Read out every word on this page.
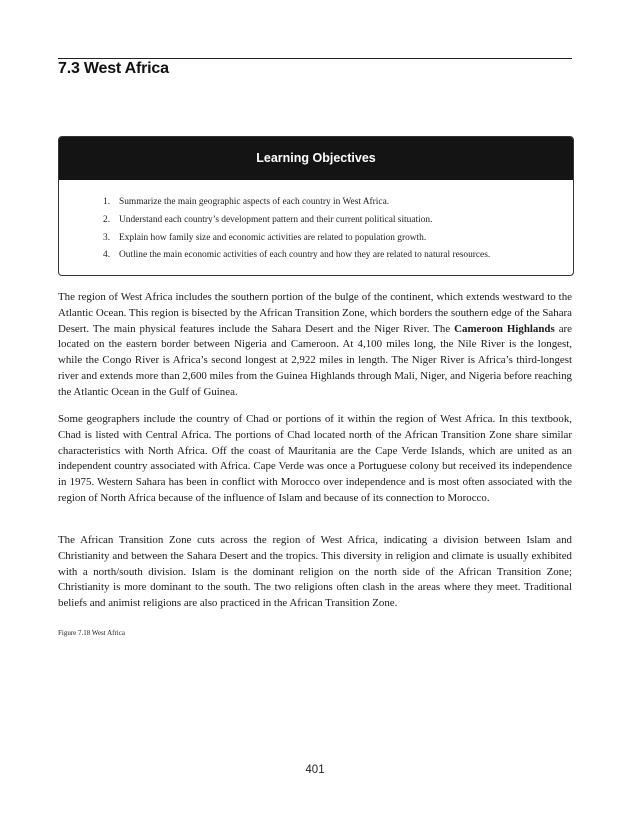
7.3 West Africa
Learning Objectives
1. Summarize the main geographic aspects of each country in West Africa.
2. Understand each country’s development pattern and their current political situation.
3. Explain how family size and economic activities are related to population growth.
4. Outline the main economic activities of each country and how they are related to natural resources.

The region of West Africa includes the southern portion of the bulge of the continent, which extends westward to the Atlantic Ocean. This region is bisected by the African Transition Zone, which borders the southern edge of the Sahara Desert. The main physical features include the Sahara Desert and the Niger River. The Cameroon Highlands are located on the eastern border between Nigeria and Cameroon. At 4,100 miles long, the Nile River is the longest, while the Congo River is Africa’s second longest at 2,922 miles in length. The Niger River is Africa’s third-longest river and extends more than 2,600 miles from the Guinea Highlands through Mali, Niger, and Nigeria before reaching the Atlantic Ocean in the Gulf of Guinea.

Some geographers include the country of Chad or portions of it within the region of West Africa. In this textbook, Chad is listed with Central Africa. The portions of Chad located north of the African Transition Zone share similar characteristics with North Africa. Off the coast of Mauritania are the Cape Verde Islands, which are united as an independent country associated with Africa. Cape Verde was once a Portuguese colony but received its independence in 1975. Western Sahara has been in conflict with Morocco over independence and is most often associated with the region of North Africa because of the influence of Islam and because of its connection to Morocco.

The African Transition Zone cuts across the region of West Africa, indicating a division between Islam and Christianity and between the Sahara Desert and the tropics. This diversity in religion and climate is usually exhibited with a north/south division. Islam is the dominant religion on the north side of the African Transition Zone; Christianity is more dominant to the south. The two religions often clash in the areas where they meet. Traditional beliefs and animist religions are also practiced in the African Transition Zone.

Figure 7.18 West Africa
401
